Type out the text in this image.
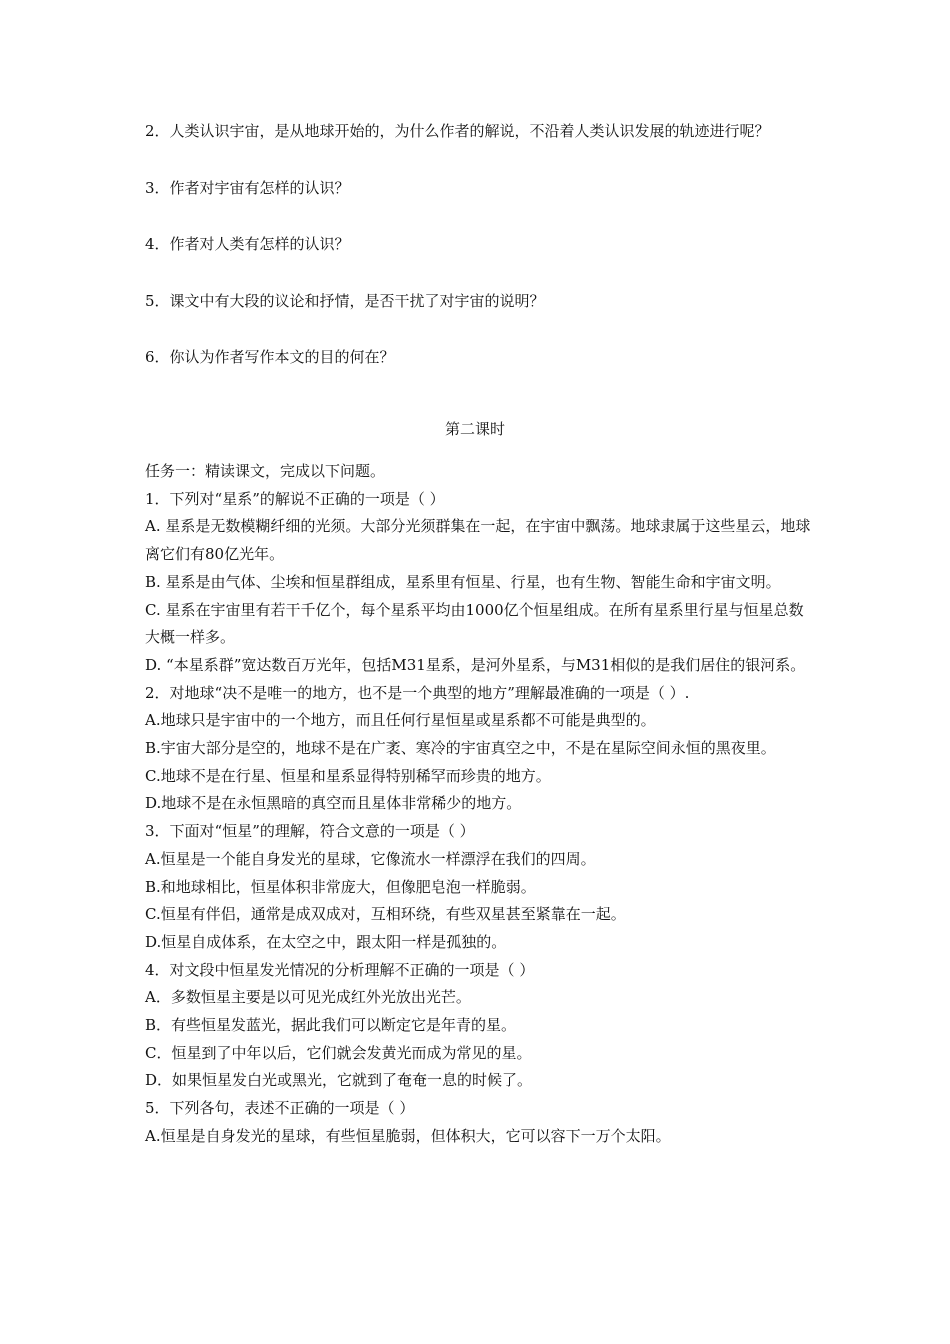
2．人类认识宇宙，是从地球开始的，为什么作者的解说，不沿着人类认识发展的轨迹进行呢？

3．作者对宇宙有怎样的认识？

4．作者对人类有怎样的认识？

5．课文中有大段的议论和抒情，是否干扰了对宇宙的说明？

6．你认为作者写作本文的目的何在？

第二课时

任务一：精读课文，完成以下问题。

1．下列对“星系”的解说不正确的一项是（ ）

A. 星系是无数模糊纤细的光须。大部分光须群集在一起，在宇宙中飘荡。地球隶属于这些星云，地球离它们有80亿光年。

B. 星系是由气体、尘埃和恒星群组成，星系里有恒星、行星，也有生物、智能生命和宇宙文明。

C. 星系在宇宙里有若干千亿个，每个星系平均由1000亿个恒星组成。在所有星系里行星与恒星总数大概一样多。

D. “本星系群”宽达数百万光年，包括M31星系，是河外星系，与M31相似的是我们居住的银河系。

2．对地球“决不是唯一的地方，也不是一个典型的地方”理解最准确的一项是（ ）.

A.地球只是宇宙中的一个地方，而且任何行星恒星或星系都不可能是典型的。

B.宇宙大部分是空的，地球不是在广袤、寒冷的宇宙真空之中，不是在星际空间永恒的黑夜里。

C.地球不是在行星、恒星和星系显得特别稀罕而珍贵的地方。

D.地球不是在永恒黑暗的真空而且星体非常稀少的地方。

3．下面对“恒星”的理解，符合文意的一项是（ ）

A.恒星是一个能自身发光的星球，它像流水一样漂浮在我们的四周。

B.和地球相比，恒星体积非常庞大，但像肥皂泡一样脆弱。

C.恒星有伴侣，通常是成双成对，互相环绕，有些双星甚至紧靠在一起。

D.恒星自成体系，在太空之中，跟太阳一样是孤独的。

4．对文段中恒星发光情况的分析理解不正确的一项是（ ）

A．多数恒星主要是以可见光成红外光放出光芒。

B．有些恒星发蓝光，据此我们可以断定它是年青的星。

C．恒星到了中年以后，它们就会发黄光而成为常见的星。

D．如果恒星发白光或黑光，它就到了奄奄一息的时候了。

5．下列各句，表述不正确的一项是（ ）

A.恒星是自身发光的星球，有些恒星脆弱，但体积大，它可以容下一万个太阳。
